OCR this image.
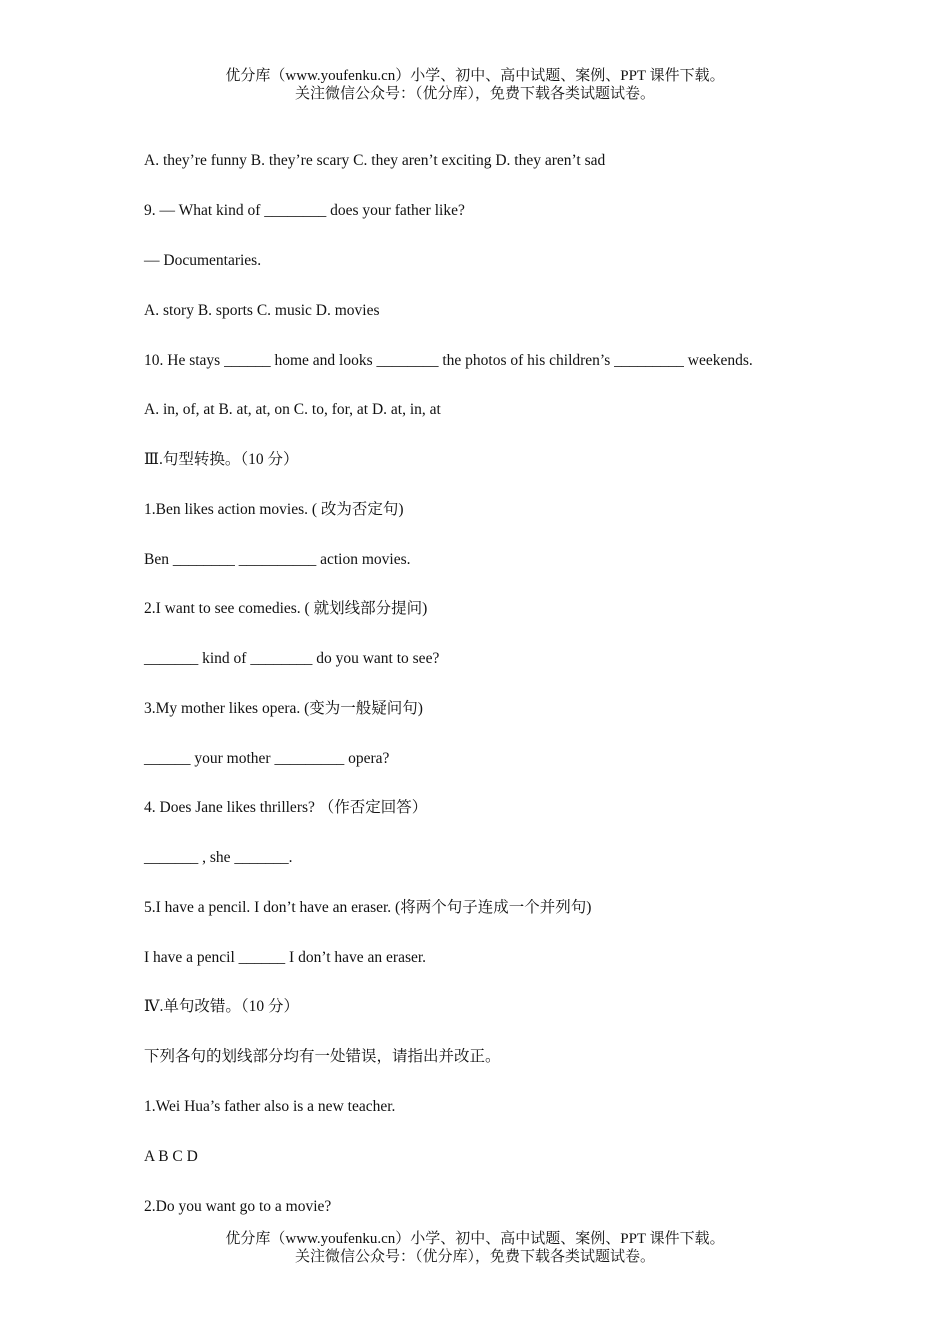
优分库（www.youfenku.cn）小学、初中、高中试题、案例、PPT 课件下载。
关注微信公众号：（优分库），免费下载各类试题试卷。
A. they’re funny B. they’re scary C. they aren’t exciting D. they aren’t sad
9. — What kind of ________ does your father like?
— Documentaries.
A. story B. sports C. music D. movies
10. He stays ______ home and looks ________ the photos of his children’s _________ weekends.
A. in, of, at B. at, at, on C. to, for, at D. at, in, at
Ⅲ.句型转换。（10 分）
1.Ben likes action movies. ( 改为否定句)
Ben ________ __________ action movies.
2.I want to see comedies. ( 就划线部分提问)
_______ kind of ________ do you want to see?
3.My mother likes opera. (变为一般疑问句)
______ your mother _________ opera?
4. Does Jane likes thrillers? （作否定回答）
_______ , she _______.
5.I have a pencil. I don’t have an eraser. (将两个句子连成一个并列句)
I have a pencil ______ I don’t have an eraser.
Ⅳ.单句改错。（10 分）
下列各句的划线部分均有一处错误，请指出并改正。
1.Wei Hua’s father also is a new teacher.
A B C D
2.Do you want go to a movie?
优分库（www.youfenku.cn）小学、初中、高中试题、案例、PPT 课件下载。
关注微信公众号：（优分库），免费下载各类试题试卷。
